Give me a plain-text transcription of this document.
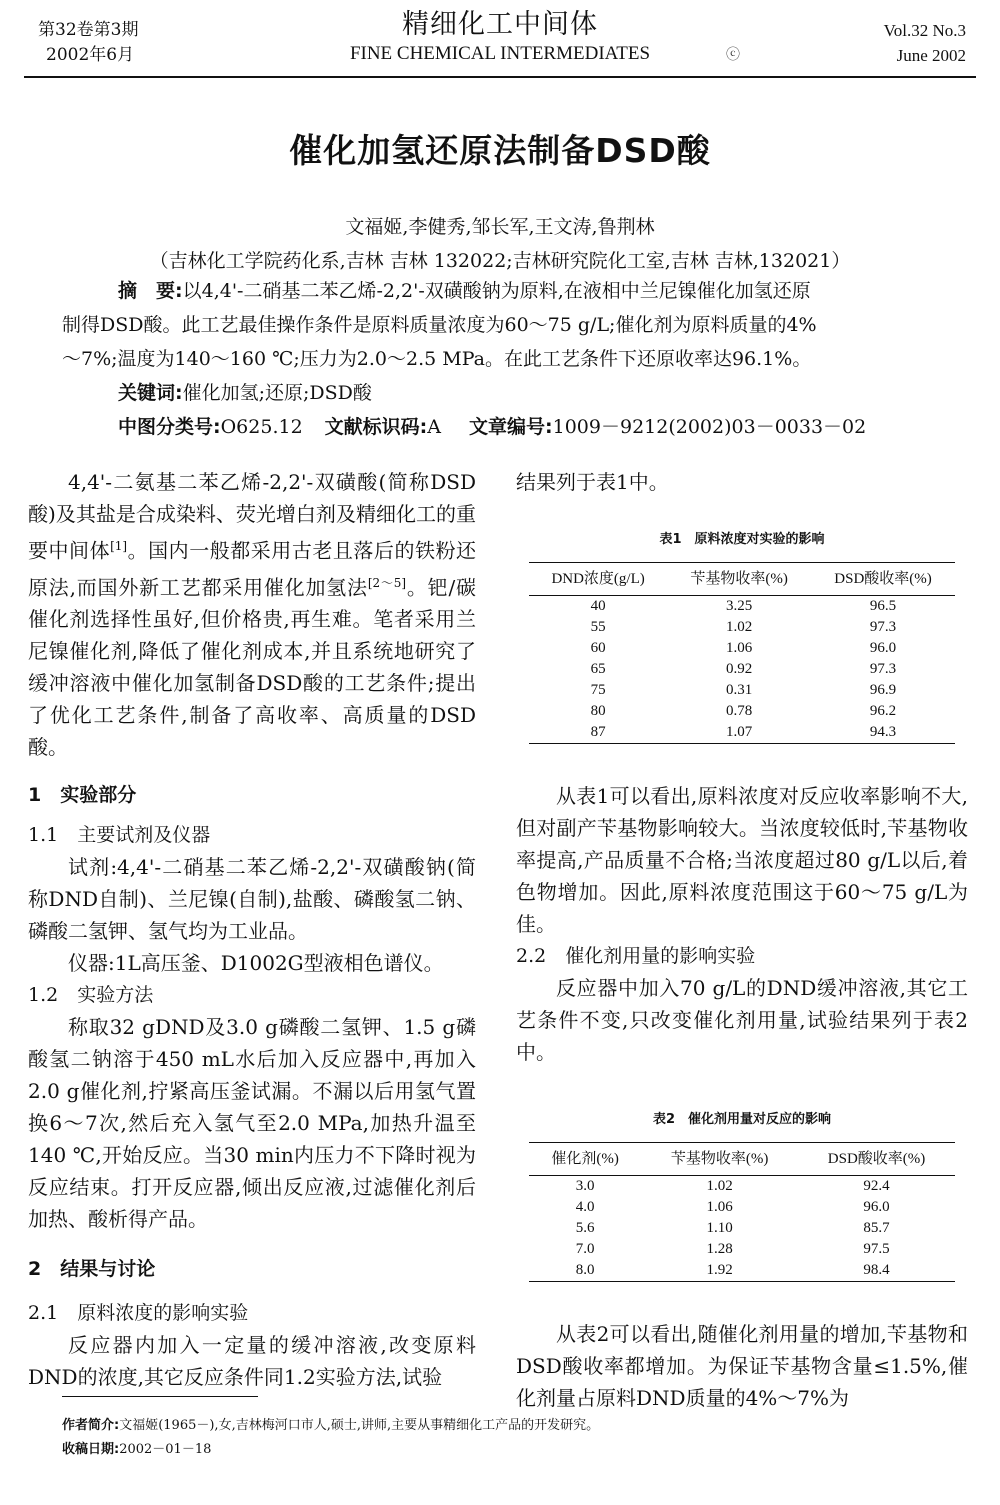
第32卷第3期
2002年6月
精细化工中间体
FINE CHEMICAL INTERMEDIATES	ⓒ
Vol.32 No.3
June 2002
催化加氢还原法制备DSD酸
文福姬,李健秀,邹长军,王文涛,鲁荆林
（吉林化工学院药化系,吉林 吉林 132022;吉林研究院化工室,吉林 吉林,132021）

摘　要:以4,4'-二硝基二苯乙烯-2,2'-双磺酸钠为原料,在液相中兰尼镍催化加氢还原

制得DSD酸。此工艺最佳操作条件是原料质量浓度为60～75 g/L;催化剂为原料质量的4%

～7%;温度为140～160 ℃;压力为2.0～2.5 MPa。在此工艺条件下还原收率达96.1%。

关键词:催化加氢;还原;DSD酸

中图分类号:O625.12 文献标识码:A 文章编号:1009－9212(2002)03－0033－02

4,4'-二氨基二苯乙烯-2,2'-双磺酸(简称DSD酸)及其盐是合成染料、荧光增白剂及精细化工的重要中间体[1]。国内一般都采用古老且落后的铁粉还原法,而国外新工艺都采用催化加氢法[2～5]。钯/碳催化剂选择性虽好,但价格贵,再生难。笔者采用兰尼镍催化剂,降低了催化剂成本,并且系统地研究了缓冲溶液中催化加氢制备DSD酸的工艺条件;提出了优化工艺条件,制备了高收率、高质量的DSD酸。

1　实验部分

1.1　主要试剂及仪器

试剂:4,4'-二硝基二苯乙烯-2,2'-双磺酸钠(简称DND自制)、兰尼镍(自制),盐酸、磷酸氢二钠、磷酸二氢钾、氢气均为工业品。

仪器:1L高压釜、D1002G型液相色谱仪。

1.2　实验方法

称取32 gDND及3.0 g磷酸二氢钾、1.5 g磷酸氢二钠溶于450 mL水后加入反应器中,再加入2.0 g催化剂,拧紧高压釜试漏。不漏以后用氢气置换6～7次,然后充入氢气至2.0 MPa,加热升温至140 ℃,开始反应。当30 min内压力不下降时视为反应结束。打开反应器,倾出反应液,过滤催化剂后加热、酸析得产品。

2　结果与讨论

2.1　原料浓度的影响实验

反应器内加入一定量的缓冲溶液,改变原料DND的浓度,其它反应条件同1.2实验方法,试验

结果列于表1中。

表1　原料浓度对实验的影响
DND浓度(g/L)	苄基物收率(%)	DSD酸收率(%)
40	3.25	96.5
55	1.02	97.3
60	1.06	96.0
65	0.92	97.3
75	0.31	96.9
80	0.78	96.2
87	1.07	94.3

从表1可以看出,原料浓度对反应收率影响不大,但对副产苄基物影响较大。当浓度较低时,苄基物收率提高,产品质量不合格;当浓度超过80 g/L以后,着色物增加。因此,原料浓度范围这于60～75 g/L为佳。

2.2　催化剂用量的影响实验

反应器中加入70 g/L的DND缓冲溶液,其它工艺条件不变,只改变催化剂用量,试验结果列于表2中。

表2　催化剂用量对反应的影响
催化剂(%)	苄基物收率(%)	DSD酸收率(%)
3.0	1.02	92.4
4.0	1.06	96.0
5.6	1.10	85.7
7.0	1.28	97.5
8.0	1.92	98.4

从表2可以看出,随催化剂用量的增加,苄基物和DSD酸收率都增加。为保证苄基物含量≤1.5%,催化剂量占原料DND质量的4%～7%为

作者简介:文福姬(1965－),女,吉林梅河口市人,硕士,讲师,主要从事精细化工产品的开发研究。
收稿日期:2002－01－18
